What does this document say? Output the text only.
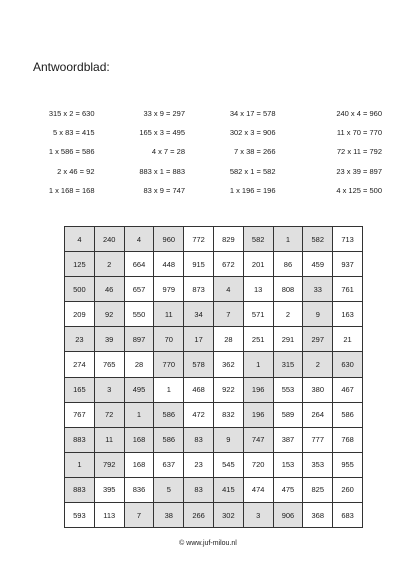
Antwoordblad:
315 x 2 = 630	33 x 9 = 297	34 x 17 = 578	240 x 4 = 960
5 x 83 = 415	165 x 3 = 495	302 x 3 = 906	11 x 70 = 770
1 x 586 = 586	4 x 7 = 28	7 x 38 = 266	72 x 11 = 792
2 x 46 = 92	883 x 1 = 883	582 x 1 = 582	23 x 39 = 897
1 x 168 = 168	83 x 9 = 747	1 x 196 = 196	4 x 125 = 500
4	240	4	960	772	829	582	1	582	713
125	2	664	448	915	672	201	86	459	937
500	46	657	979	873	4	13	808	33	761
209	92	550	11	34	7	571	2	9	163
23	39	897	70	17	28	251	291	297	21
274	765	28	770	578	362	1	315	2	630
165	3	495	1	468	922	196	553	380	467
767	72	1	586	472	832	196	589	264	586
883	11	168	586	83	9	747	387	777	768
1	792	168	637	23	545	720	153	353	955
883	395	836	5	83	415	474	475	825	260
593	113	7	38	266	302	3	906	368	683
© www.juf-milou.nl
